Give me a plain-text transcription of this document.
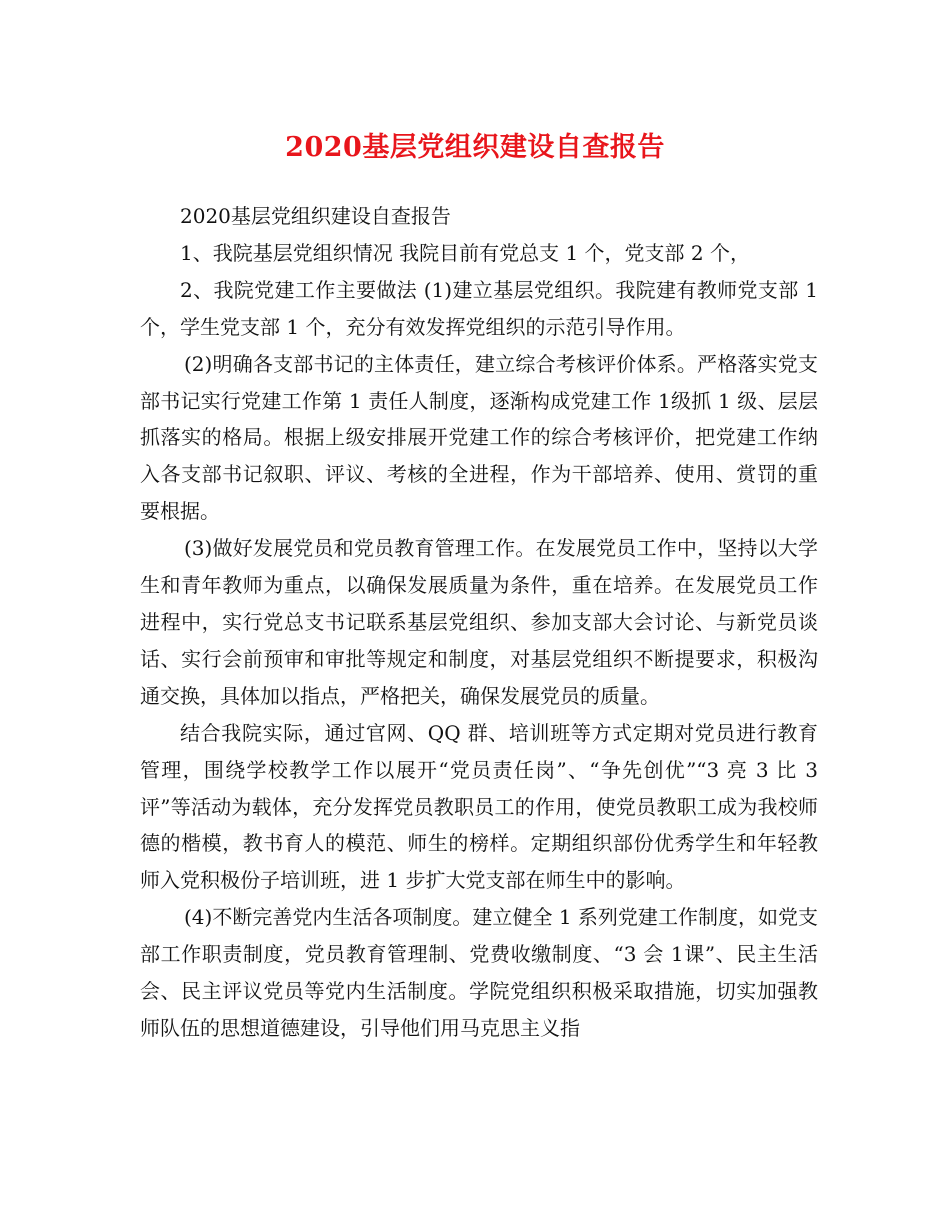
2020基层党组织建设自查报告

2020基层党组织建设自查报告

1、我院基层党组织情况 我院目前有党总支 1 个，党支部 2 个，

2、我院党建工作主要做法 (1)建立基层党组织。我院建有教师党支部 1 个，学生党支部 1 个，充分有效发挥党组织的示范引导作用。

(2)明确各支部书记的主体责任，建立综合考核评价体系。严格落实党支部书记实行党建工作第 1 责任人制度，逐渐构成党建工作 1级抓 1 级、层层抓落实的格局。根据上级安排展开党建工作的综合考核评价，把党建工作纳入各支部书记叙职、评议、考核的全进程，作为干部培养、使用、赏罚的重要根据。

(3)做好发展党员和党员教育管理工作。在发展党员工作中，坚持以大学生和青年教师为重点，以确保发展质量为条件，重在培养。在发展党员工作进程中，实行党总支书记联系基层党组织、参加支部大会讨论、与新党员谈话、实行会前预审和审批等规定和制度，对基层党组织不断提要求，积极沟通交换，具体加以指点，严格把关，确保发展党员的质量。

结合我院实际，通过官网、QQ 群、培训班等方式定期对党员进行教育管理，围绕学校教学工作以展开“党员责任岗”、“争先创优”“3 亮 3 比 3 评”等活动为载体，充分发挥党员教职员工的作用，使党员教职工成为我校师德的楷模，教书育人的模范、师生的榜样。定期组织部份优秀学生和年轻教师入党积极份子培训班，进 1 步扩大党支部在师生中的影响。

(4)不断完善党内生活各项制度。建立健全 1 系列党建工作制度，如党支部工作职责制度，党员教育管理制、党费收缴制度、“3 会 1课”、民主生活会、民主评议党员等党内生活制度。学院党组织积极采取措施，切实加强教师队伍的思想道德建设，引导他们用马克思主义指
